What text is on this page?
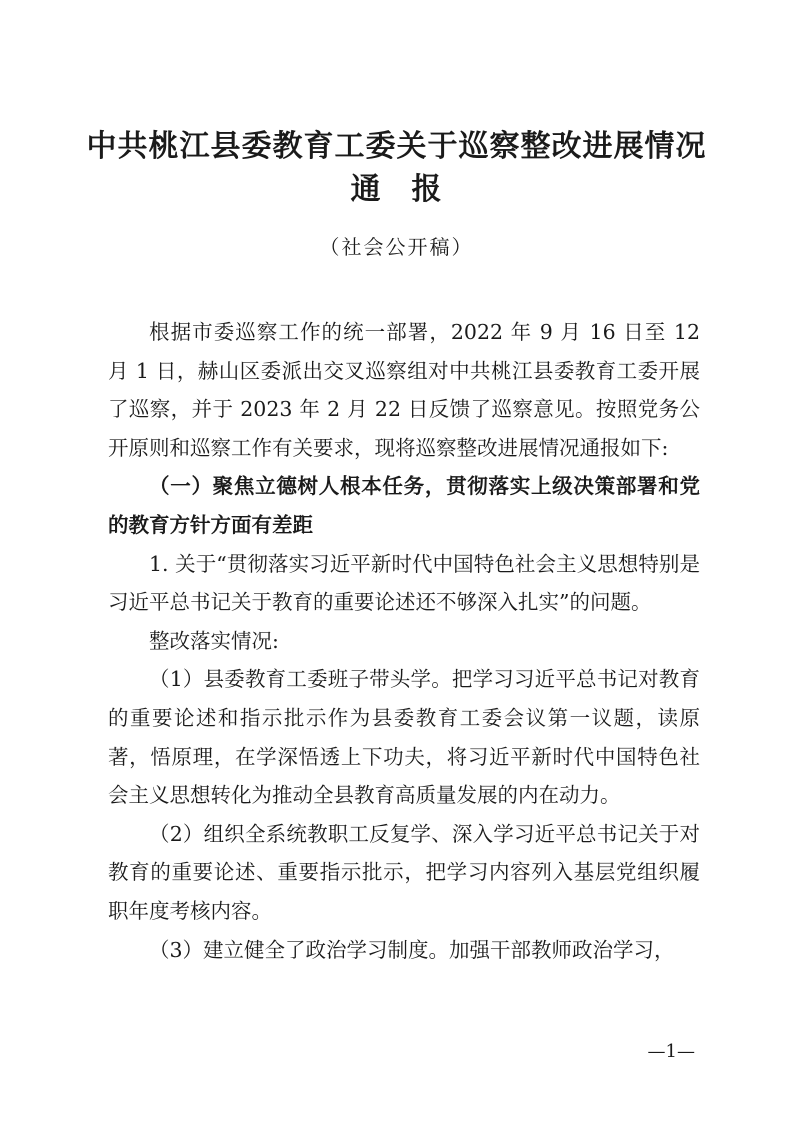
中共桃江县委教育工委关于巡察整改进展情况
通 报
（社会公开稿）

根据市委巡察工作的统一部署，2022 年 9 月 16 日至 12 月 1 日，赫山区委派出交叉巡察组对中共桃江县委教育工委开展了巡察，并于 2023 年 2 月 22 日反馈了巡察意见。按照党务公开原则和巡察工作有关要求，现将巡察整改进展情况通报如下:

（一）聚焦立德树人根本任务，贯彻落实上级决策部署和党的教育方针方面有差距

1. 关于“贯彻落实习近平新时代中国特色社会主义思想特别是习近平总书记关于教育的重要论述还不够深入扎实”的问题。

整改落实情况:

（1）县委教育工委班子带头学。把学习习近平总书记对教育的重要论述和指示批示作为县委教育工委会议第一议题，读原著，悟原理，在学深悟透上下功夫，将习近平新时代中国特色社会主义思想转化为推动全县教育高质量发展的内在动力。

（2）组织全系统教职工反复学、深入学习近平总书记关于对教育的重要论述、重要指示批示，把学习内容列入基层党组织履职年度考核内容。

（3）建立健全了政治学习制度。加强干部教师政治学习，

—1—
